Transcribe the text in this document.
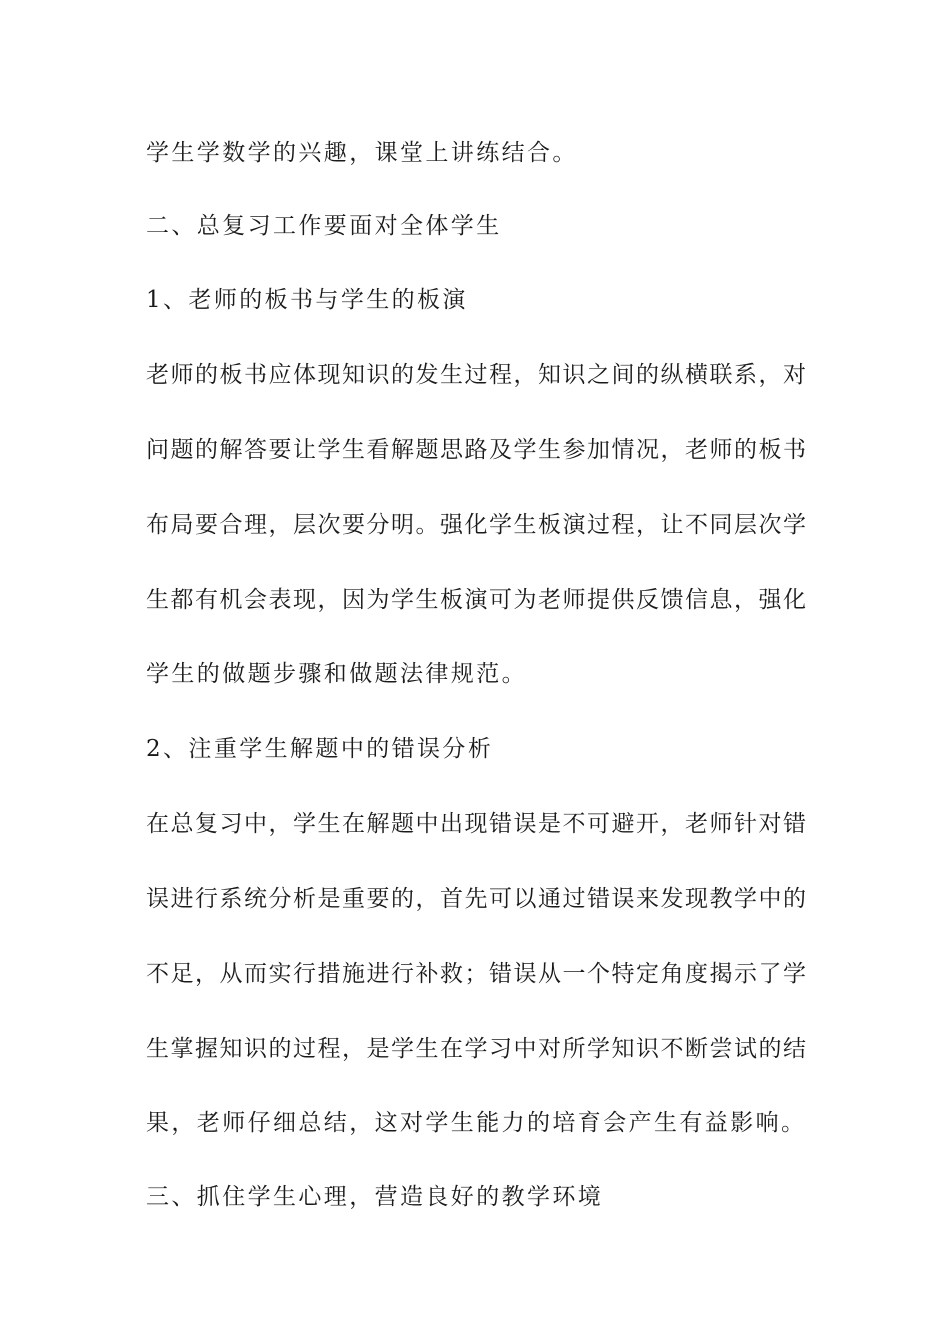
学生学数学的兴趣，课堂上讲练结合。
二、总复习工作要面对全体学生
1、老师的板书与学生的板演
老师的板书应体现知识的发生过程，知识之间的纵横联系，对
问题的解答要让学生看解题思路及学生参加情况，老师的板书
布局要合理，层次要分明。强化学生板演过程，让不同层次学
生都有机会表现，因为学生板演可为老师提供反馈信息，强化
学生的做题步骤和做题法律规范。
2、注重学生解题中的错误分析
在总复习中，学生在解题中出现错误是不可避开，老师针对错
误进行系统分析是重要的，首先可以通过错误来发现教学中的
不足，从而实行措施进行补救；错误从一个特定角度揭示了学
生掌握知识的过程，是学生在学习中对所学知识不断尝试的结
果，老师仔细总结，这对学生能力的培育会产生有益影响。
三、抓住学生心理，营造良好的教学环境
